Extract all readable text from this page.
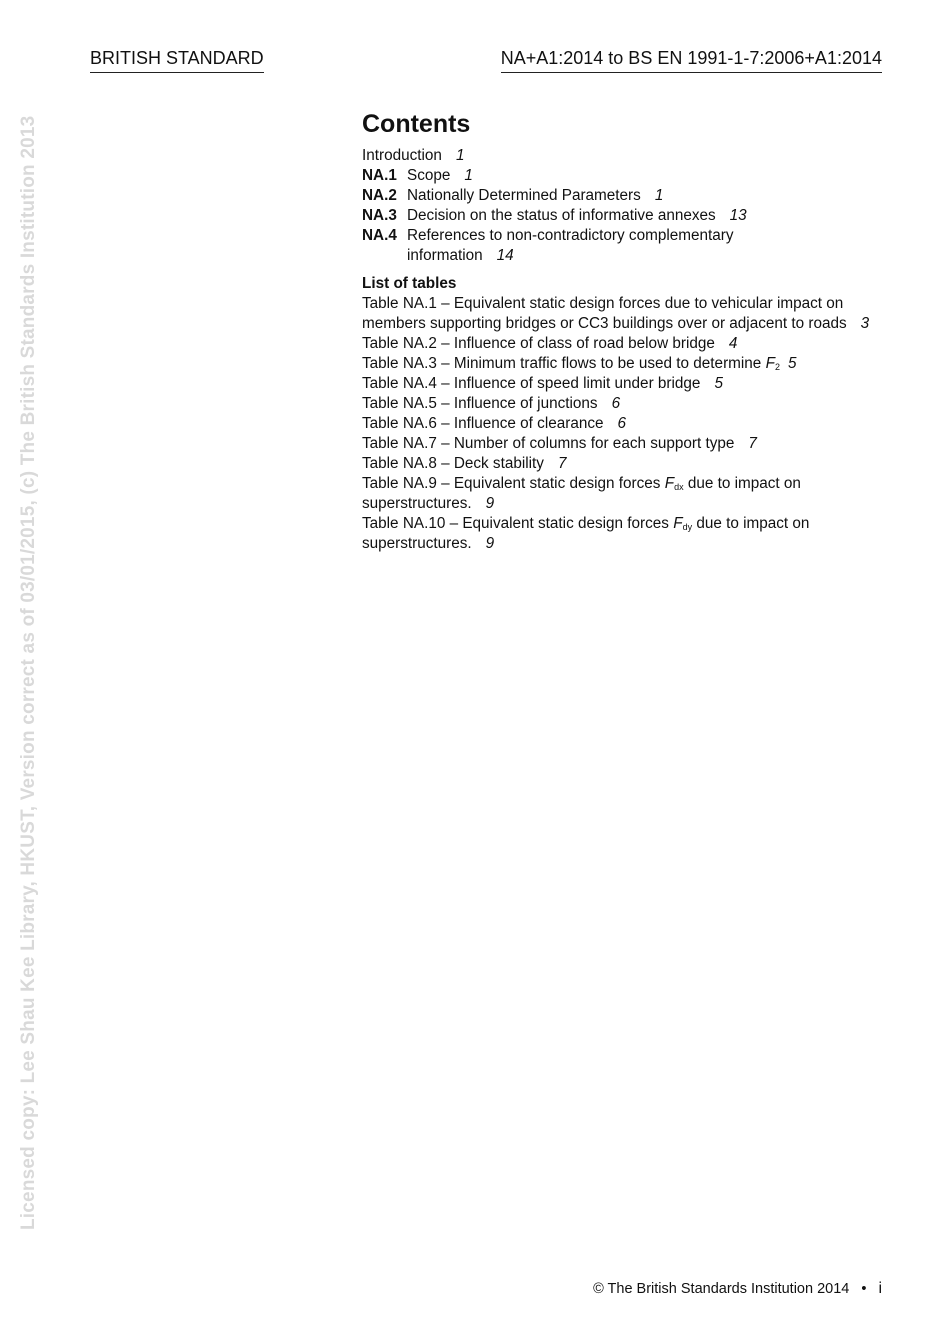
BRITISH STANDARD	NA+A1:2014 to BS EN 1991-1-7:2006+A1:2014
Licensed copy: Lee Shau Kee Library, HKUST, Version correct as of 03/01/2015, (c) The British Standards Institution 2013	Contents
Introduction 1
NA.1 Scope 1
NA.2 Nationally Determined Parameters 1
NA.3 Decision on the status of informative annexes 13
NA.4 References to non-contradictory complementary information 14
List of tables
Table NA.1 – Equivalent static design forces due to vehicular impact on members supporting bridges or CC3 buildings over or adjacent to roads 3
Table NA.2 – Influence of class of road below bridge 4
Table NA.3 – Minimum traffic flows to be used to determine $F_2$ 5
Table NA.4 – Influence of speed limit under bridge 5
Table NA.5 – Influence of junctions 6
Table NA.6 – Influence of clearance 6
Table NA.7 – Number of columns for each support type 7
Table NA.8 – Deck stability 7
Table NA.9 – Equivalent static design forces $F_{dx}$ due to impact on superstructures. 9
Table NA.10 – Equivalent static design forces $F_{dy}$ due to impact on superstructures. 9
© The British Standards Institution 2014 • i
